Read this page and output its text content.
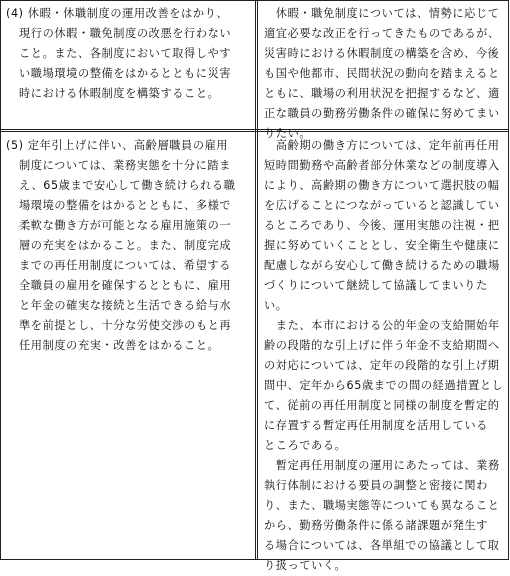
(4) 休暇・休職制度の運用改善をはかり、
現行の休暇・職免制度の改悪を行わない
こと。また、各制度において取得しやす
い職場環境の整備をはかるとともに災害
時における休暇制度を構築すること。
　休暇・職免制度については、情勢に応じて
適宜必要な改正を行ってきたものであるが、
災害時における休暇制度の構築を含め、今後
も国や他都市、民間状況の動向を踏まえると
ともに、職場の利用状況を把握するなど、適
正な職員の勤務労働条件の確保に努めてまい
りたい。
(5) 定年引上げに伴い、高齢層職員の雇用
制度については、業務実態を十分に踏ま
え、65歳まで安心して働き続けられる職
場環境の整備をはかるとともに、多様で
柔軟な働き方が可能となる雇用施策の一
層の充実をはかること。また、制度完成
までの再任用制度については、希望する
全職員の雇用を確保するとともに、雇用
と年金の確実な接続と生活できる給与水
準を前提とし、十分な労使交渉のもと再
任用制度の充実・改善をはかること。
　高齢期の働き方については、定年前再任用
短時間勤務や高齢者部分休業などの制度導入
により、高齢期の働き方について選択肢の幅
を広げることにつながっていると認識してい
るところであり、今後、運用実態の注視・把
握に努めていくこととし、安全衛生や健康に
配慮しながら安心して働き続けるための職場
づくりについて継続して協議してまいりた
い。
　また、本市における公的年金の支給開始年
齢の段階的な引上げに伴う年金不支給期間へ
の対応については、定年の段階的な引上げ期
間中、定年から65歳までの間の経過措置とし
て、従前の再任用制度と同様の制度を暫定的
に存置する暫定再任用制度を活用している
ところである。
　暫定再任用制度の運用にあたっては、業務
執行体制における要員の調整と密接に関わ
り、また、職場実態等についても異なること
から、勤務労働条件に係る諸課題が発生す
る場合については、各単組での協議として取
り扱っていく。
